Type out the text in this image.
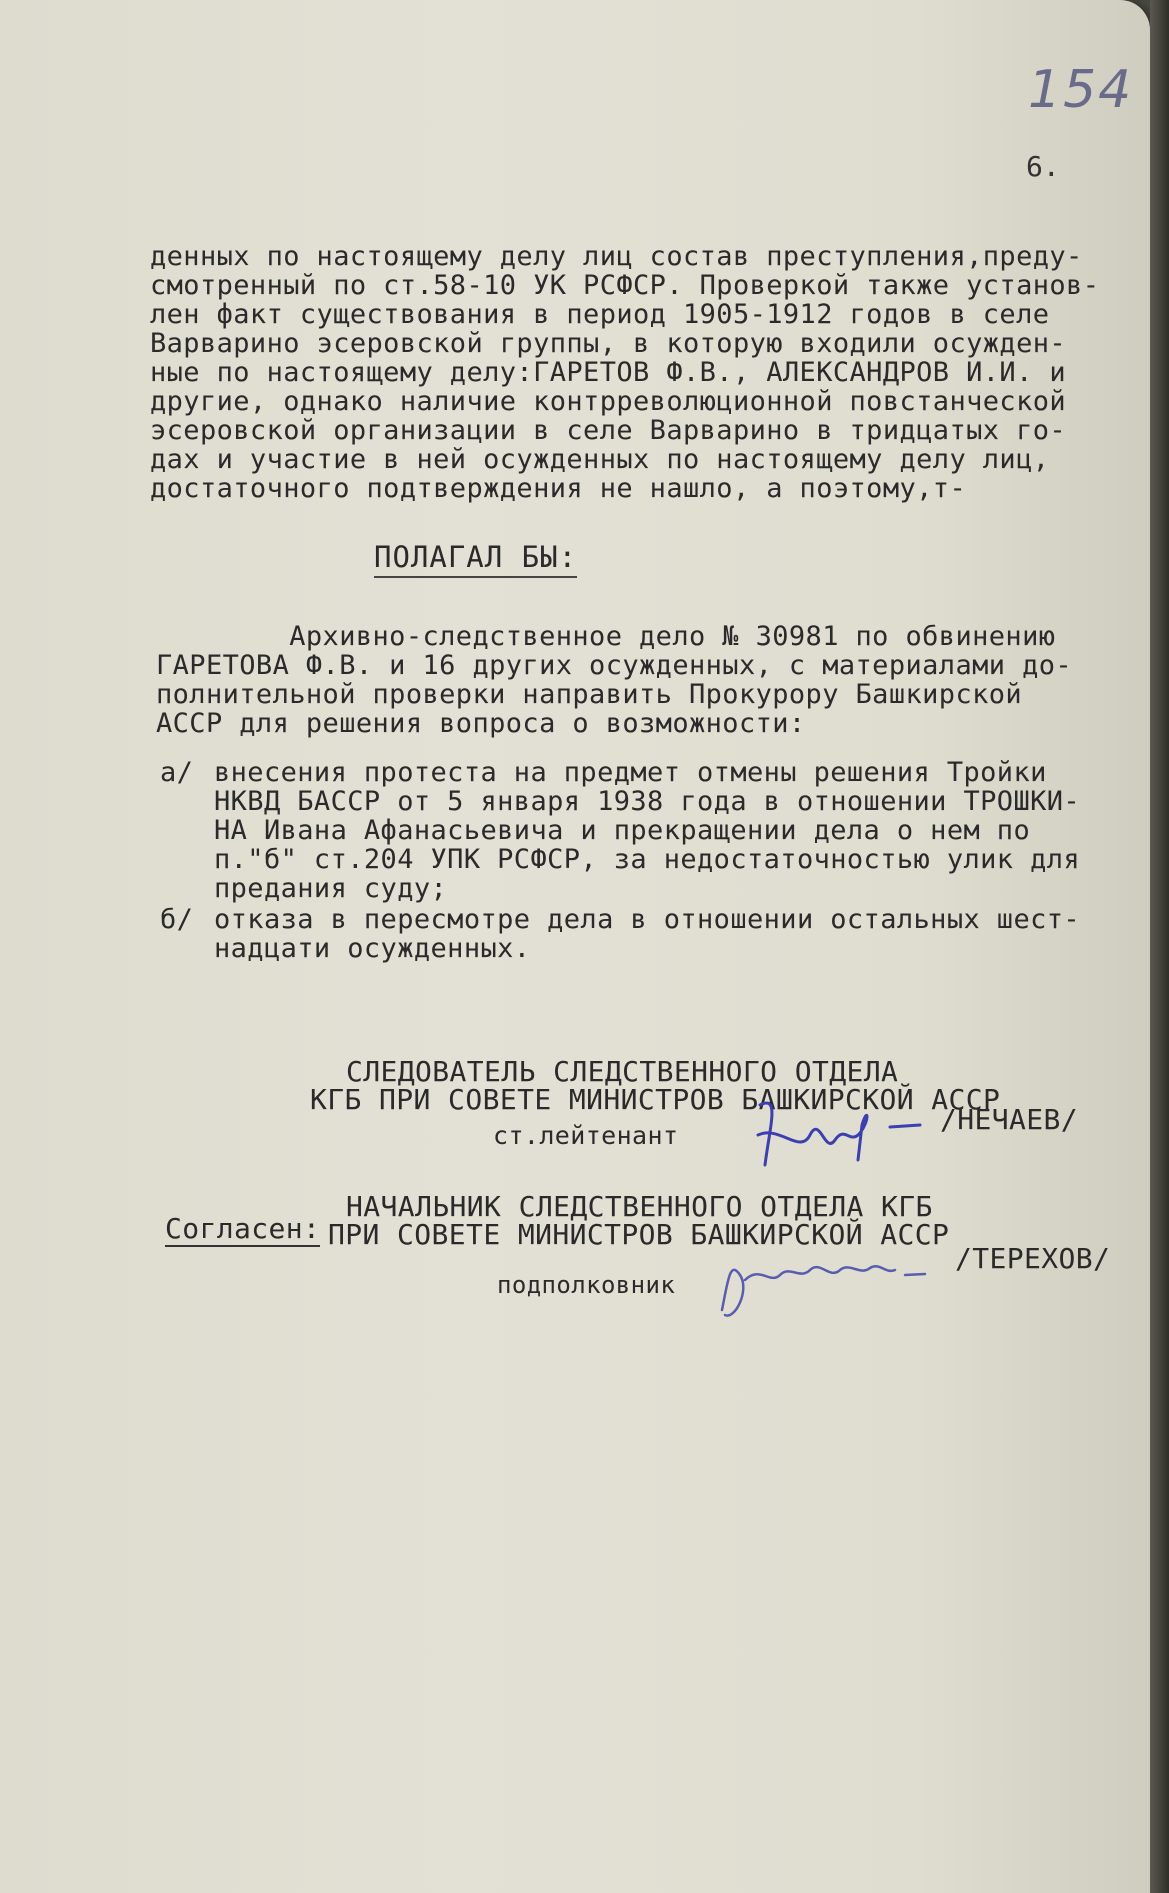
154
6.
денных по настоящему делу лиц состав преступления,преду-
смотренный по ст.58-10 УК РСФСР. Проверкой также установ-
лен факт существования в период 1905-1912 годов в селе
Варварино эсеровской группы, в которую входили осужден-
ные по настоящему делу:ГАРЕТОВ Ф.В., АЛЕКСАНДРОВ И.И. и
другие, однако наличие контрреволюционной повстанческой
эсеровской организации в селе Варварино в тридцатых го-
дах и участие в ней осужденных по настоящему делу лиц,
достаточного подтверждения не нашло, а поэтому,т-
ПОЛАГАЛ БЫ:
Архивно-следственное дело № 30981 по обвинению
ГАРЕТОВА Ф.В. и 16 других осужденных, с материалами до-
полнительной проверки направить Прокурору Башкирской
АССР для решения вопроса о возможности:
а/ внесения протеста на предмет отмены решения Тройки
НКВД БАССР от 5 января 1938 года в отношении ТРОШКИ-
НА Ивана Афанасьевича и прекращении дела о нем по
п."б" ст.204 УПК РСФСР, за недостаточностью улик для
предания суду;
б/ отказа в пересмотре дела в отношении остальных шест-
надцати осужденных.
СЛЕДОВАТЕЛЬ СЛЕДСТВЕННОГО ОТДЕЛА
КГБ ПРИ СОВЕТЕ МИНИСТРОВ БАШКИРСКОЙ АССР
ст.лейтенант	/НЕЧАЕВ/
Согласен:
НАЧАЛЬНИК СЛЕДСТВЕННОГО ОТДЕЛА КГБ
ПРИ СОВЕТЕ МИНИСТРОВ БАШКИРСКОЙ АССР
подполковник
/ТЕРЕХОВ/
